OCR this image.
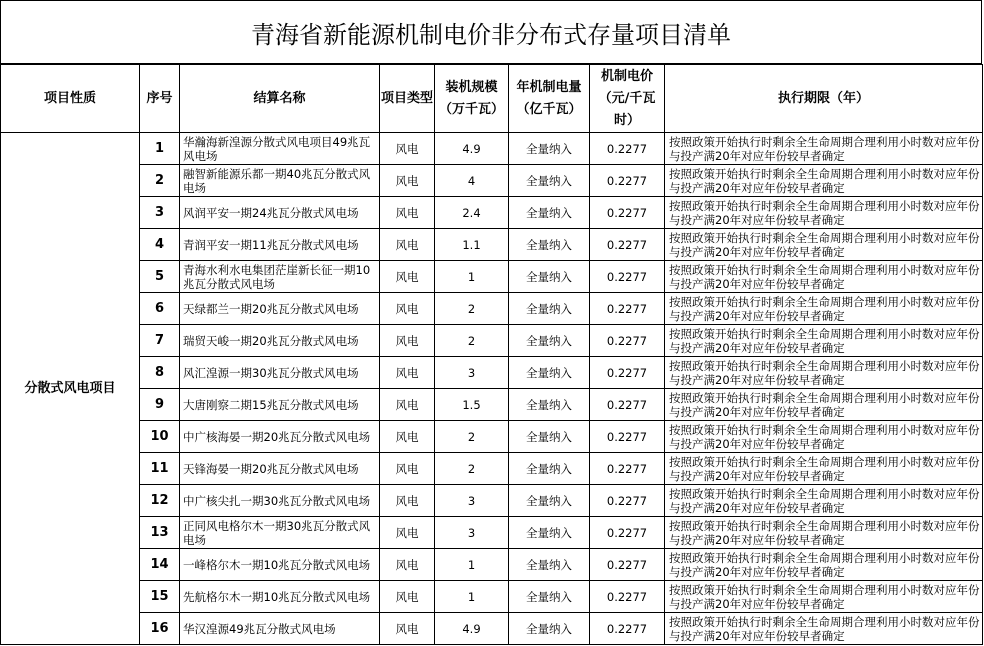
青海省新能源机制电价非分布式存量项目清单
项目性质	序号	结算名称	项目类型	装机规模（万千瓦）	年机制电量（亿千瓦）	机制电价（元/千瓦时）	执行期限（年）
分散式风电项目	1	华瀚海新湟源分散式风电项目49兆瓦风电场	风电	4.9	全量纳入	0.2277	按照政策开始执行时剩余全生命周期合理利用小时数对应年份与投产满20年对应年份较早者确定
	2	融智新能源乐都一期40兆瓦分散式风电场	风电	4	全量纳入	0.2277	按照政策开始执行时剩余全生命周期合理利用小时数对应年份与投产满20年对应年份较早者确定
	3	风润平安一期24兆瓦分散式风电场	风电	2.4	全量纳入	0.2277	按照政策开始执行时剩余全生命周期合理利用小时数对应年份与投产满20年对应年份较早者确定
	4	青润平安一期11兆瓦分散式风电场	风电	1.1	全量纳入	0.2277	按照政策开始执行时剩余全生命周期合理利用小时数对应年份与投产满20年对应年份较早者确定
	5	青海水利水电集团茫崖新长征一期10兆瓦分散式风电场	风电	1	全量纳入	0.2277	按照政策开始执行时剩余全生命周期合理利用小时数对应年份与投产满20年对应年份较早者确定
	6	天绿都兰一期20兆瓦分散式风电场	风电	2	全量纳入	0.2277	按照政策开始执行时剩余全生命周期合理利用小时数对应年份与投产满20年对应年份较早者确定
	7	瑞贸天峻一期20兆瓦分散式风电场	风电	2	全量纳入	0.2277	按照政策开始执行时剩余全生命周期合理利用小时数对应年份与投产满20年对应年份较早者确定
	8	风汇湟源一期30兆瓦分散式风电场	风电	3	全量纳入	0.2277	按照政策开始执行时剩余全生命周期合理利用小时数对应年份与投产满20年对应年份较早者确定
	9	大唐刚察二期15兆瓦分散式风电场	风电	1.5	全量纳入	0.2277	按照政策开始执行时剩余全生命周期合理利用小时数对应年份与投产满20年对应年份较早者确定
	10	中广核海晏一期20兆瓦分散式风电场	风电	2	全量纳入	0.2277	按照政策开始执行时剩余全生命周期合理利用小时数对应年份与投产满20年对应年份较早者确定
	11	天锋海晏一期20兆瓦分散式风电场	风电	2	全量纳入	0.2277	按照政策开始执行时剩余全生命周期合理利用小时数对应年份与投产满20年对应年份较早者确定
	12	中广核尖扎一期30兆瓦分散式风电场	风电	3	全量纳入	0.2277	按照政策开始执行时剩余全生命周期合理利用小时数对应年份与投产满20年对应年份较早者确定
	13	正同风电格尔木一期30兆瓦分散式风电场	风电	3	全量纳入	0.2277	按照政策开始执行时剩余全生命周期合理利用小时数对应年份与投产满20年对应年份较早者确定
	14	一峰格尔木一期10兆瓦分散式风电场	风电	1	全量纳入	0.2277	按照政策开始执行时剩余全生命周期合理利用小时数对应年份与投产满20年对应年份较早者确定
	15	先航格尔木一期10兆瓦分散式风电场	风电	1	全量纳入	0.2277	按照政策开始执行时剩余全生命周期合理利用小时数对应年份与投产满20年对应年份较早者确定
	16	华汉湟源49兆瓦分散式风电场	风电	4.9	全量纳入	0.2277	按照政策开始执行时剩余全生命周期合理利用小时数对应年份与投产满20年对应年份较早者确定
